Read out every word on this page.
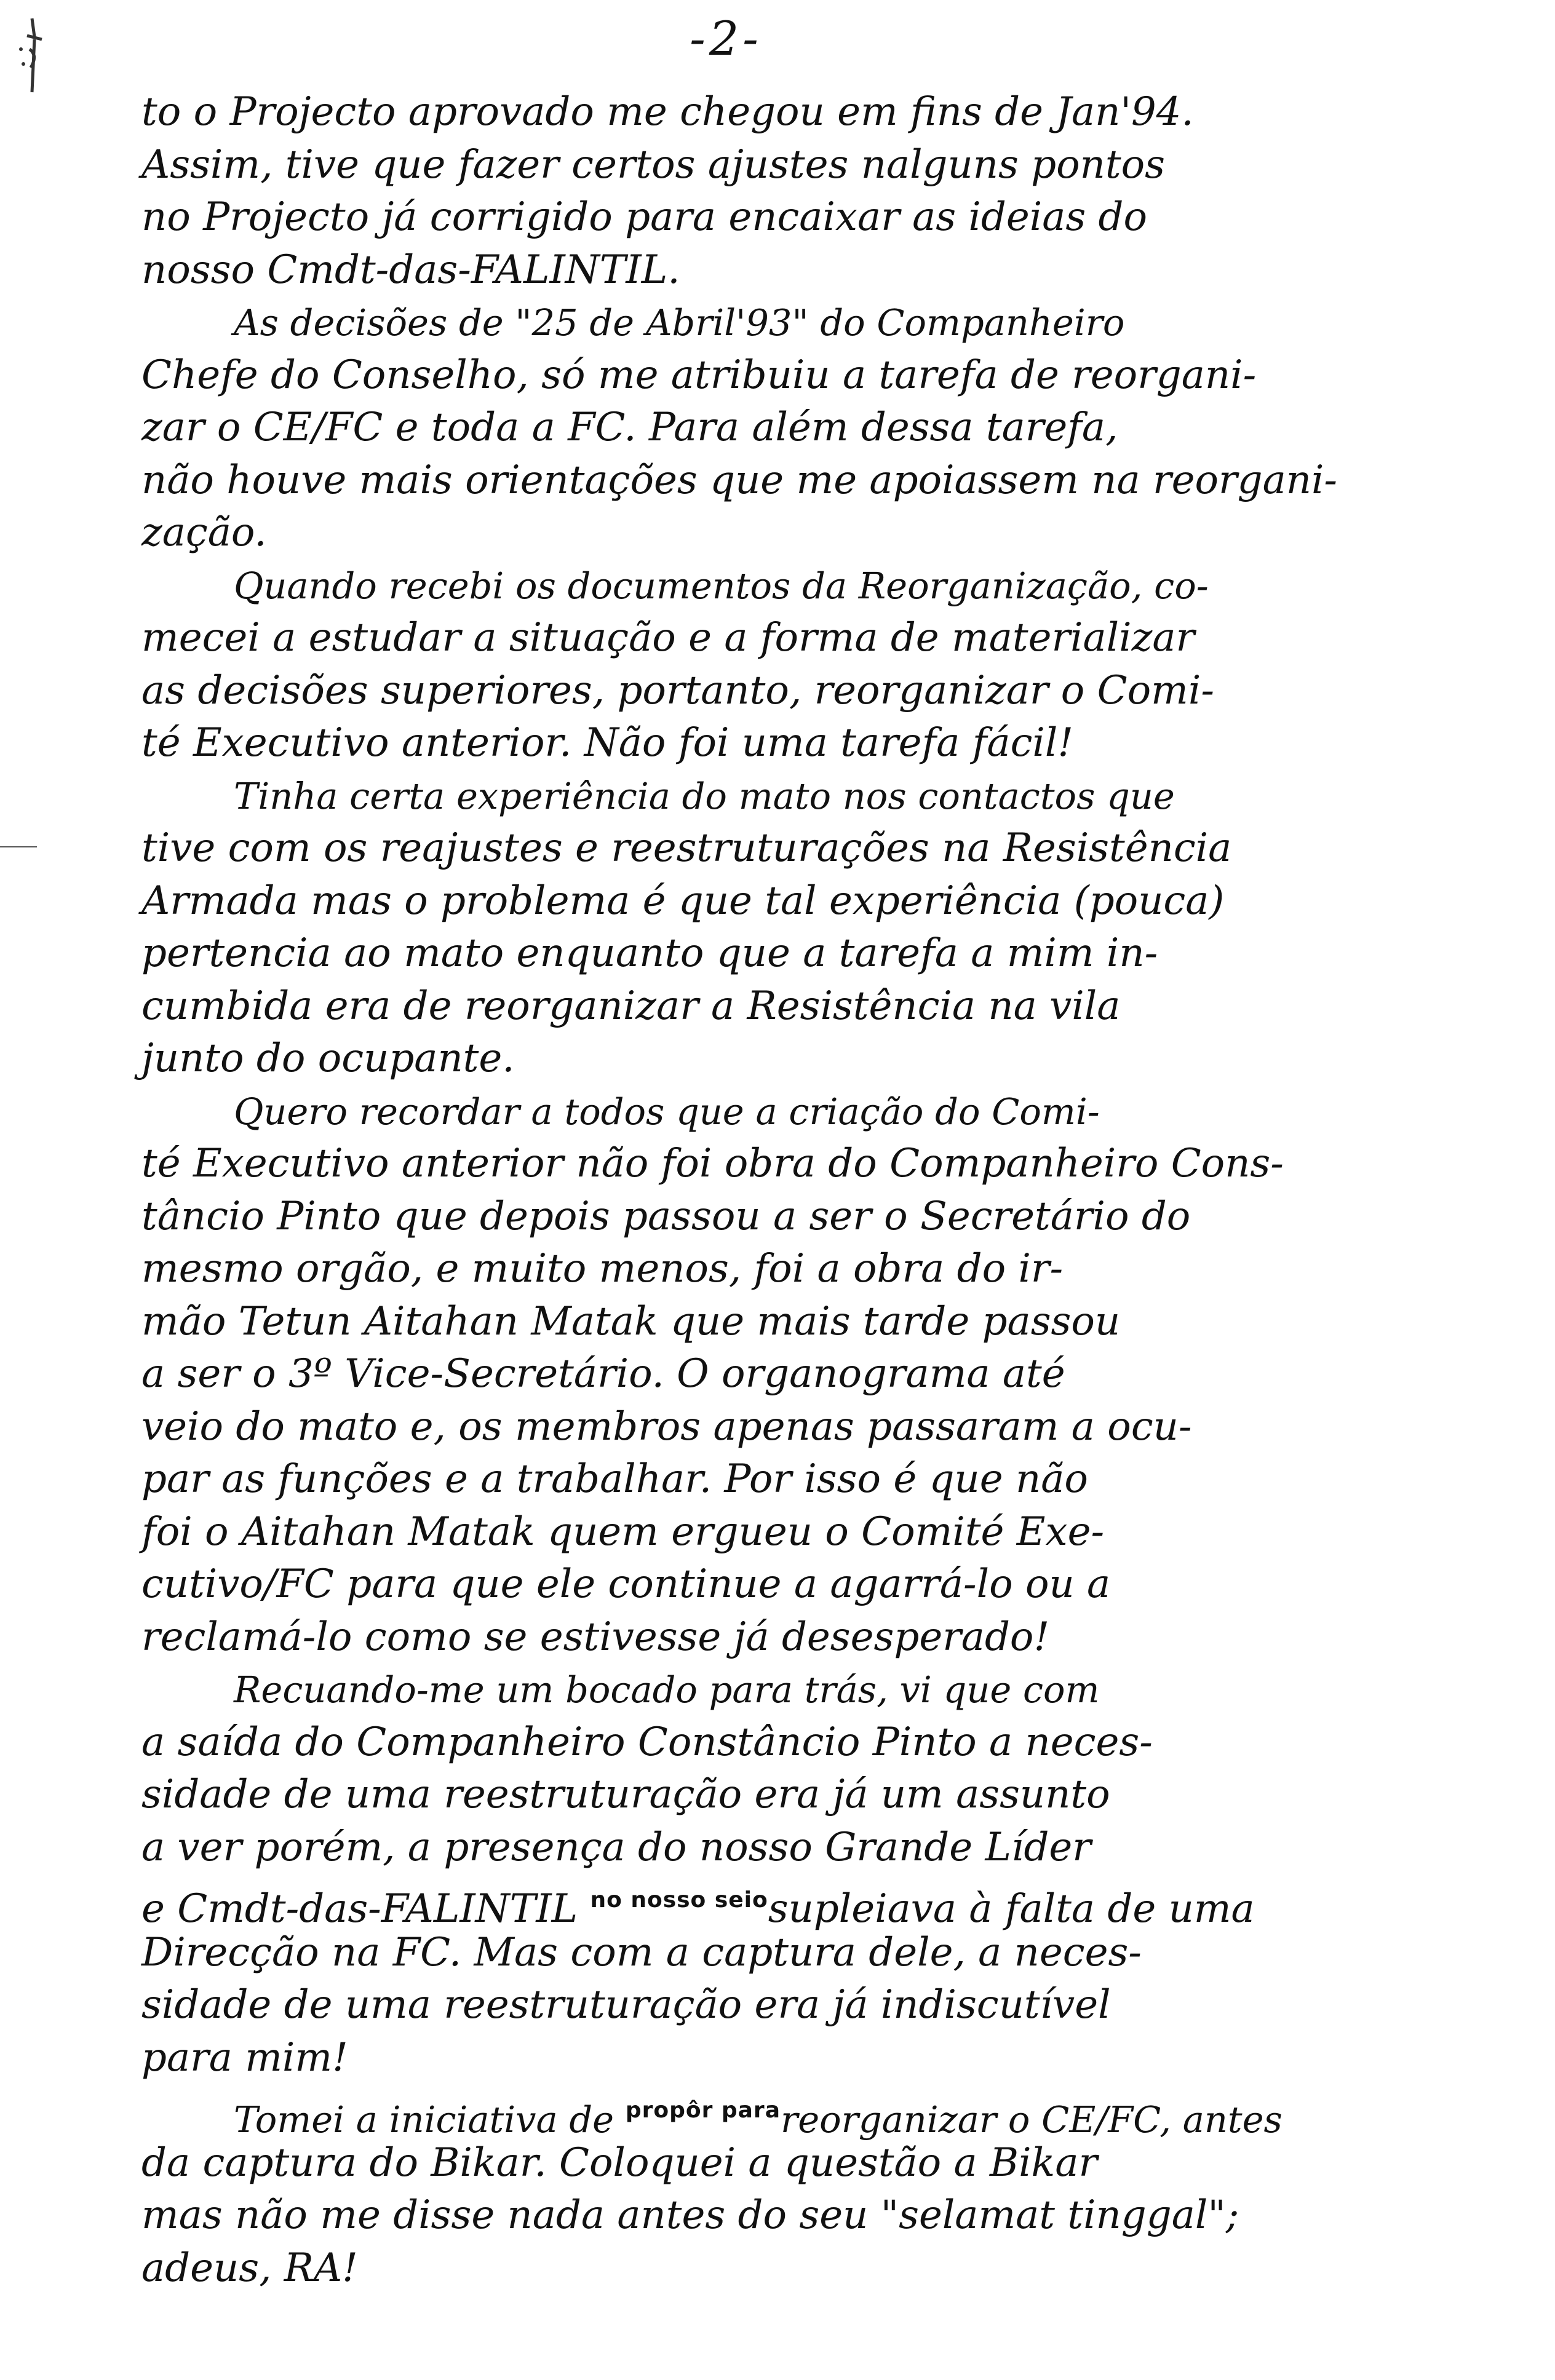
-2-
to o Projecto aprovado me chegou em fins de Jan'94.
Assim, tive que fazer certos ajustes nalguns pontos
no Projecto já corrigido para encaixar as ideias do
nosso Cmdt-das-FALINTIL.
As decisões de "25 de Abril'93" do Companheiro
Chefe do Conselho, só me atribuiu a tarefa de reorgani-
zar o CE/FC e toda a FC. Para além dessa tarefa,
não houve mais orientações que me apoiassem na reorgani-
zação.
Quando recebi os documentos da Reorganização, co-
mecei a estudar a situação e a forma de materializar
as decisões superiores, portanto, reorganizar o Comi-
té Executivo anterior. Não foi uma tarefa fácil!
Tinha certa experiência do mato nos contactos que
tive com os reajustes e reestruturações na Resistência
Armada mas o problema é que tal experiência (pouca)
pertencia ao mato enquanto que a tarefa a mim in-
cumbida era de reorganizar a Resistência na vila
junto do ocupante.
Quero recordar a todos que a criação do Comi-
té Executivo anterior não foi obra do Companheiro Cons-
tâncio Pinto que depois passou a ser o Secretário do
mesmo orgão, e muito menos, foi a obra do ir-
mão Tetun Aitahan Matak que mais tarde passou
a ser o 3º Vice-Secretário. O organograma até
veio do mato e, os membros apenas passaram a ocu-
par as funções e a trabalhar. Por isso é que não
foi o Aitahan Matak quem ergueu o Comité Exe-
cutivo/FC para que ele continue a agarrá-lo ou a
reclamá-lo como se estivesse já desesperado!
Recuando-me um bocado para trás, vi que com
a saída do Companheiro Constâncio Pinto a neces-
sidade de uma reestruturação era já um assunto
a ver porém, a presença do nosso Grande Líder
e Cmdt-das-FALINTIL $^{no nosso seio}$supleiava à falta de uma
Direcção na FC. Mas com a captura dele, a neces-
sidade de uma reestruturação era já indiscutível
para mim!
Tomei a iniciativa de $^{propôr para}$reorganizar o CE/FC, antes
da captura do Bikar. Coloquei a questão a Bikar
mas não me disse nada antes do seu "selamat tinggal";
adeus, RA!
